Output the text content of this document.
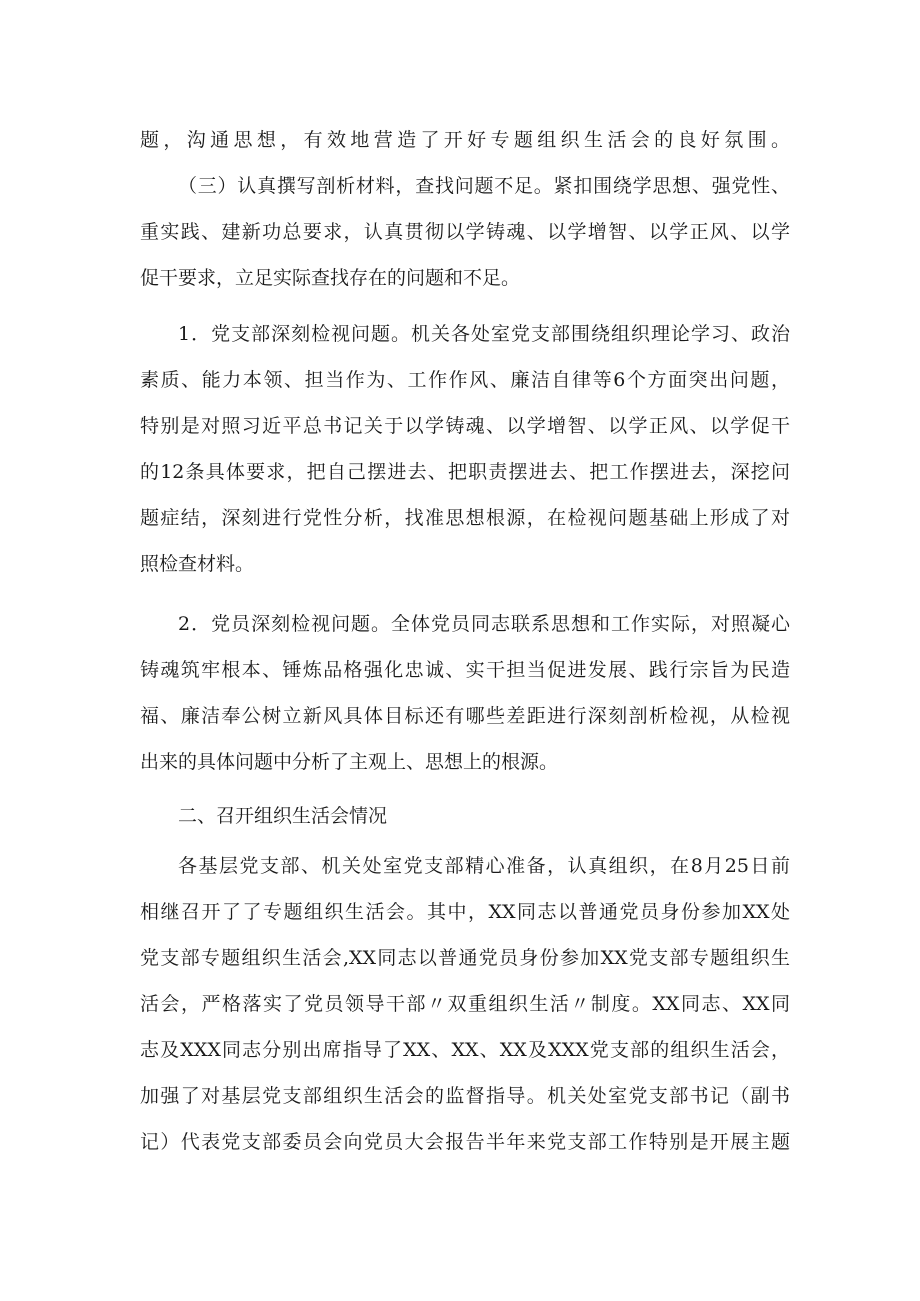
题，沟通思想，有效地营造了开好专题组织生活会的良好氛围。
（三）认真撰写剖析材料，查找问题不足。紧扣围绕学思想、强党性、
重实践、建新功总要求，认真贯彻以学铸魂、以学增智、以学正风、以学
促干要求，立足实际查找存在的问题和不足。
1．党支部深刻检视问题。机关各处室党支部围绕组织理论学习、政治
素质、能力本领、担当作为、工作作风、廉洁自律等6个方面突出问题，
特别是对照习近平总书记关于以学铸魂、以学增智、以学正风、以学促干
的12条具体要求，把自己摆进去、把职责摆进去、把工作摆进去，深挖问
题症结，深刻进行党性分析，找准思想根源，在检视问题基础上形成了对
照检查材料。
2．党员深刻检视问题。全体党员同志联系思想和工作实际，对照凝心
铸魂筑牢根本、锤炼品格强化忠诚、实干担当促进发展、践行宗旨为民造
福、廉洁奉公树立新风具体目标还有哪些差距进行深刻剖析检视，从检视
出来的具体问题中分析了主观上、思想上的根源。
二、召开组织生活会情况
各基层党支部、机关处室党支部精心准备，认真组织，在8月25日前
相继召开了了专题组织生活会。其中，XX同志以普通党员身份参加XX处
党支部专题组织生活会,XX同志以普通党员身份参加XX党支部专题组织生
活会，严格落实了党员领导干部〃双重组织生活〃制度。XX同志、XX同
志及XXX同志分别出席指导了XX、XX、XX及XXX党支部的组织生活会，
加强了对基层党支部组织生活会的监督指导。机关处室党支部书记（副书
记）代表党支部委员会向党员大会报告半年来党支部工作特别是开展主题
